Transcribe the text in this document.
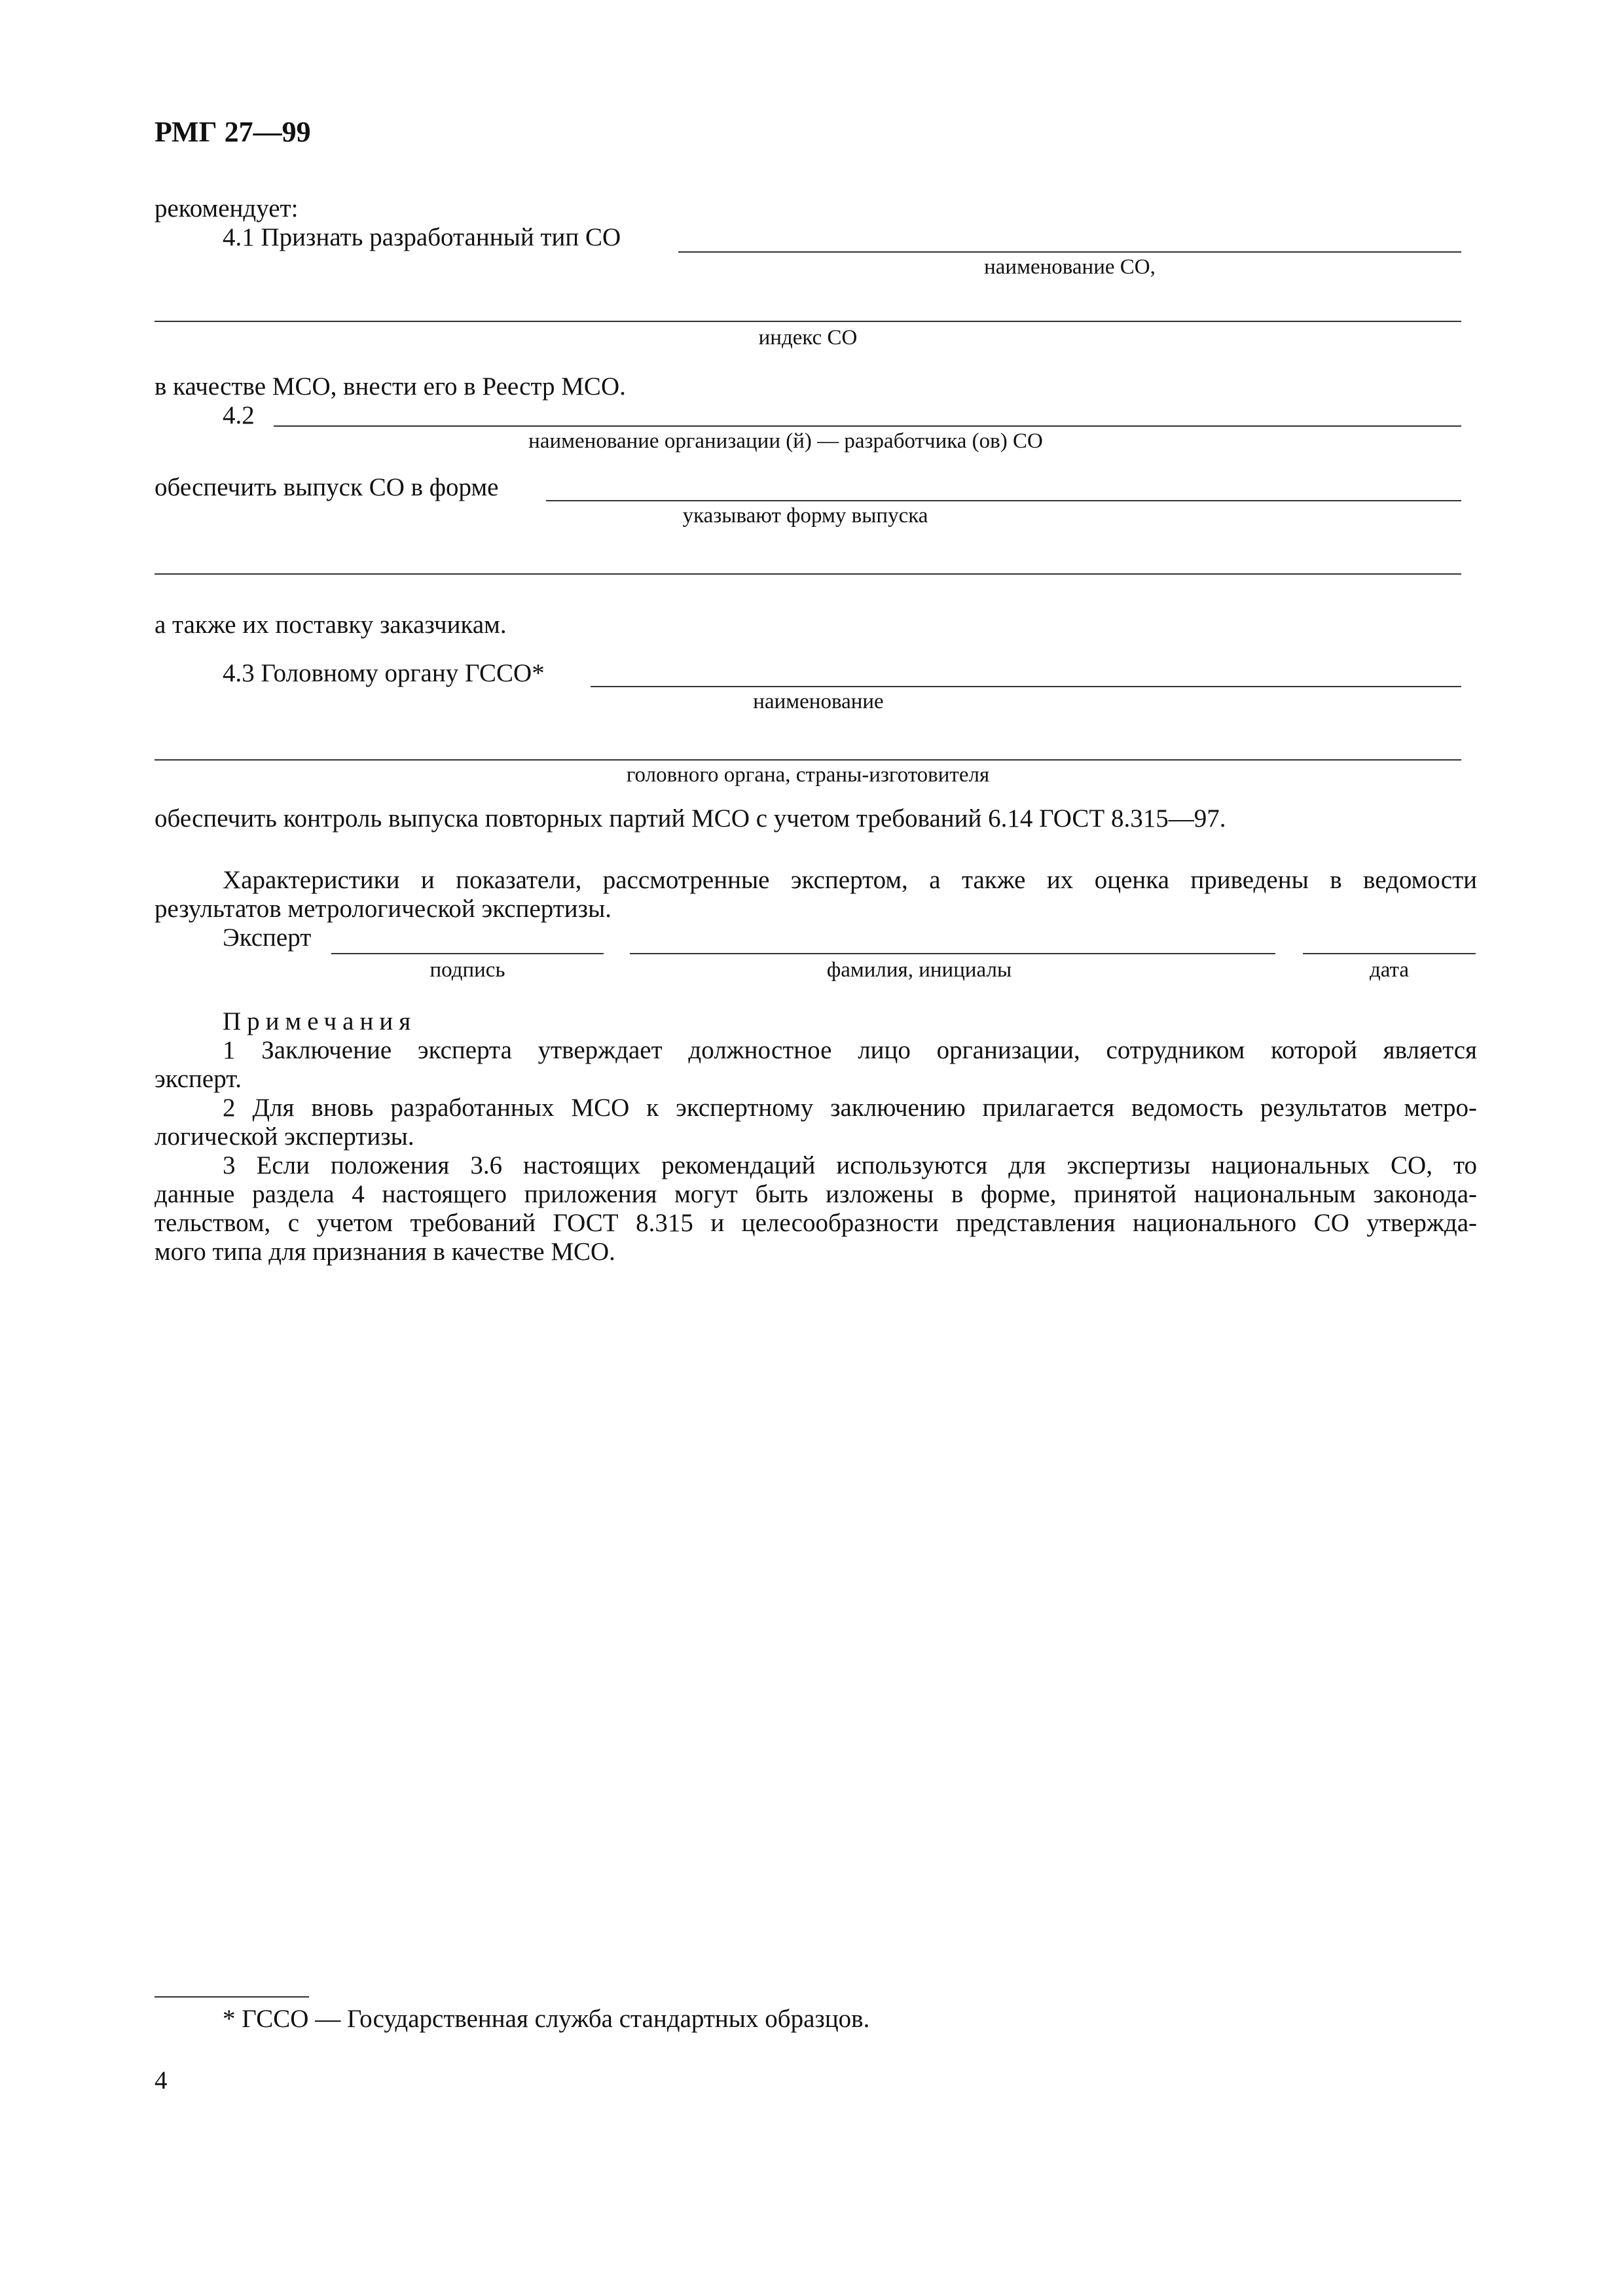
РМГ 27—99
рекомендует:
4.1 Признать разработанный тип СО
наименование СО,
индекс СО
в качестве МСО, внести его в Реестр МСО.
4.2
наименование организации (й) — разработчика (ов) СО
обеспечить выпуск СО в форме
указывают форму выпуска
а также их поставку заказчикам.
4.3 Головному органу ГССО*
наименование
головного органа, страны-изготовителя
обеспечить контроль выпуска повторных партий МСО с учетом требований 6.14 ГОСТ 8.315—97.
Характеристики и показатели, рассмотренные экспертом, а также их оценка приведены в ведомости
результатов метрологической экспертизы.
Эксперт
подпись	фамилия, инициалы	дата
Примечания
1 Заключение эксперта утверждает должностное лицо организации, сотрудником которой является
эксперт.
2 Для вновь разработанных МСО к экспертному заключению прилагается ведомость результатов метро-
логической экспертизы.
3 Если положения 3.6 настоящих рекомендаций используются для экспертизы национальных СО, то
данные раздела 4 настоящего приложения могут быть изложены в форме, принятой национальным законода-
тельством, с учетом требований ГОСТ 8.315 и целесообразности представления национального СО утвержда-
мого типа для признания в качестве МСО.
* ГССО — Государственная служба стандартных образцов.
4
